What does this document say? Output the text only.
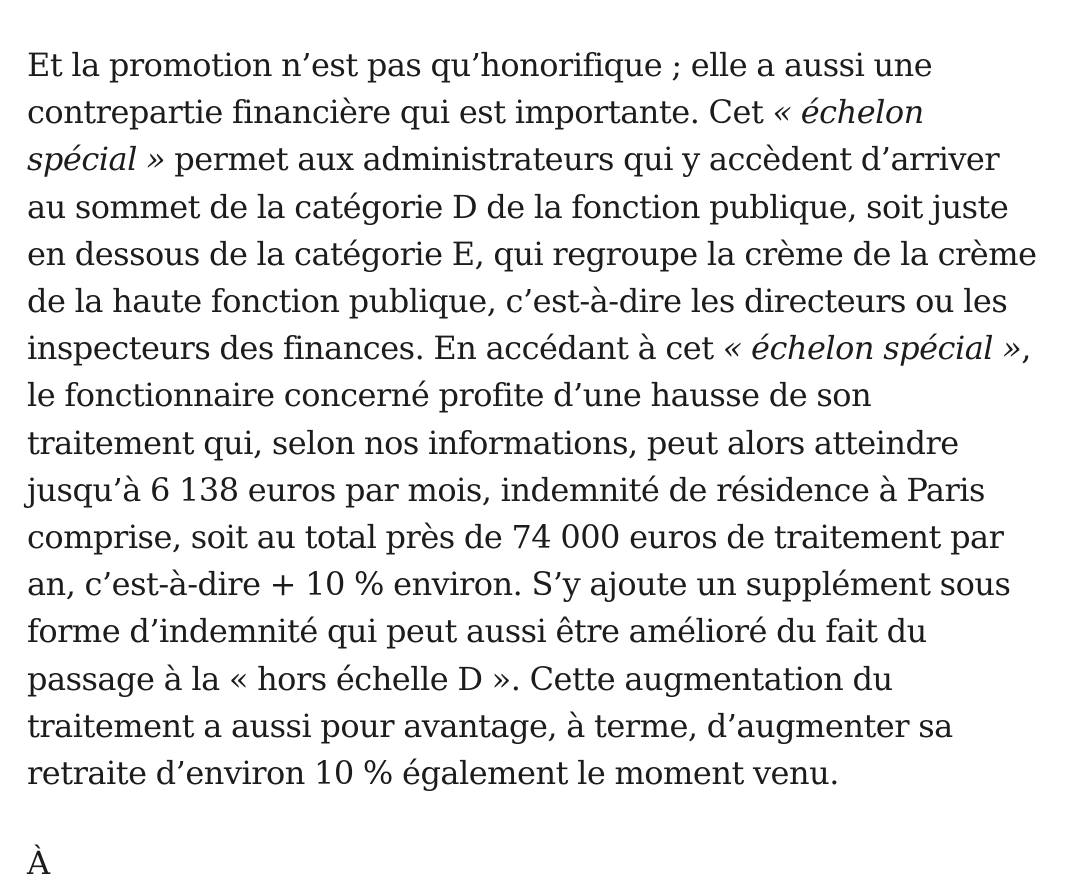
Et la promotion n’est pas qu’honorifique ; elle a aussi une
contrepartie financière qui est importante. Cet « échelon
spécial » permet aux administrateurs qui y accèdent d’arriver
au sommet de la catégorie D de la fonction publique, soit juste
en dessous de la catégorie E, qui regroupe la crème de la crème
de la haute fonction publique, c’est-à-dire les directeurs ou les
inspecteurs des finances. En accédant à cet « échelon spécial »,
le fonctionnaire concerné profite d’une hausse de son
traitement qui, selon nos informations, peut alors atteindre
jusqu’à 6 138 euros par mois, indemnité de résidence à Paris
comprise, soit au total près de 74 000 euros de traitement par
an, c’est-à-dire + 10 % environ. S’y ajoute un supplément sous
forme d’indemnité qui peut aussi être amélioré du fait du
passage à la « hors échelle D ». Cette augmentation du
traitement a aussi pour avantage, à terme, d’augmenter sa
retraite d’environ 10 % également le moment venu.

À
